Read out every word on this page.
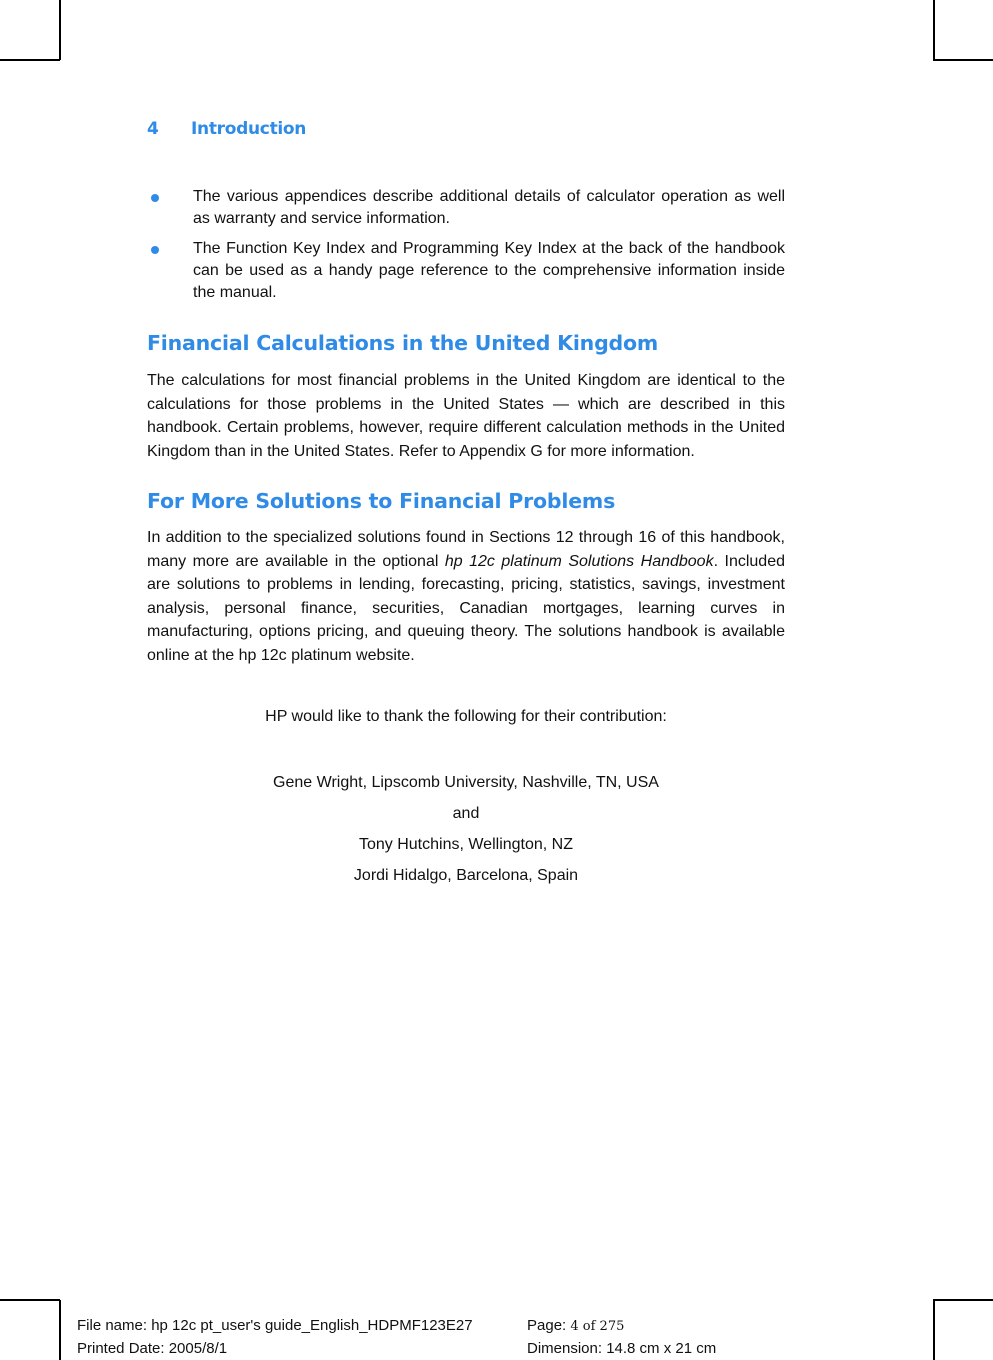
4 Introduction
The various appendices describe additional details of calculator operation as well as warranty and service information.
The Function Key Index and Programming Key Index at the back of the handbook can be used as a handy page reference to the comprehensive information inside the manual.
Financial Calculations in the United Kingdom

The calculations for most financial problems in the United Kingdom are identical to the calculations for those problems in the United States — which are described in this handbook. Certain problems, however, require different calculation methods in the United Kingdom than in the United States. Refer to Appendix G for more information.

For More Solutions to Financial Problems

In addition to the specialized solutions found in Sections 12 through 16 of this handbook, many more are available in the optional hp 12c platinum Solutions Handbook. Included are solutions to problems in lending, forecasting, pricing, statistics, savings, investment analysis, personal finance, securities, Canadian mortgages, learning curves in manufacturing, options pricing, and queuing theory. The solutions handbook is available online at the hp 12c platinum website.

HP would like to thank the following for their contribution:

Gene Wright, Lipscomb University, Nashville, TN, USA
and
Tony Hutchins, Wellington, NZ
Jordi Hidalgo, Barcelona, Spain
File name: hp 12c pt_user's guide_English_HDPMF123E27	Page: 4 of 275
Printed Date: 2005/8/1	Dimension: 14.8 cm x 21 cm
